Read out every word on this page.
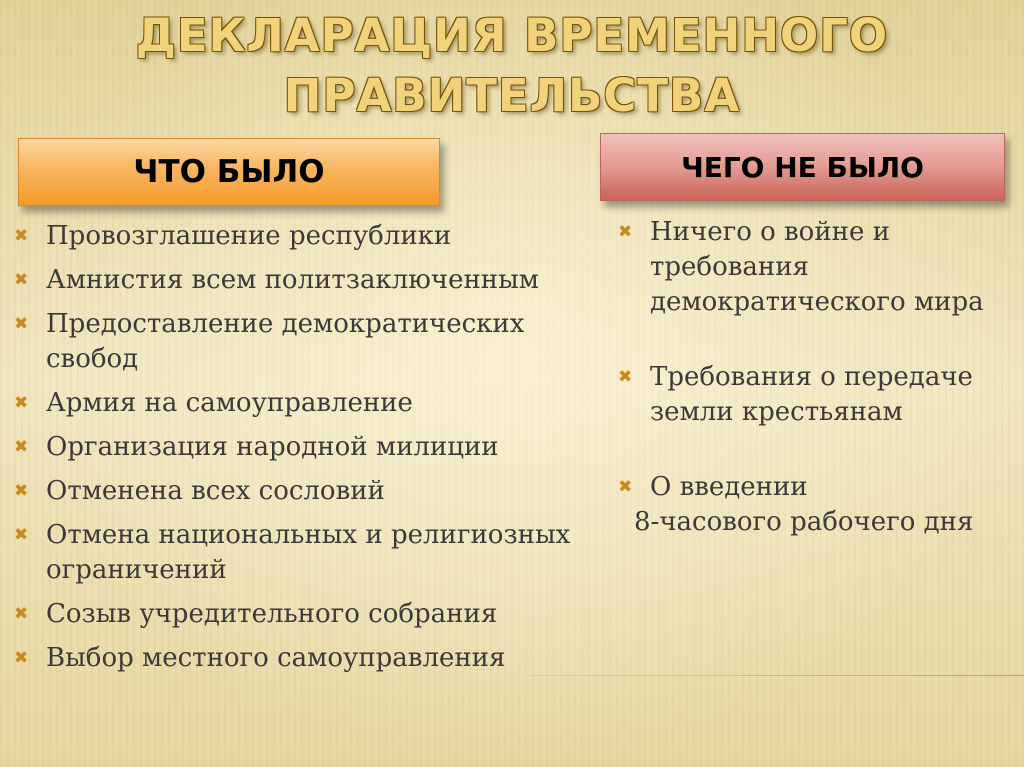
ДЕКЛАРАЦИЯ ВРЕМЕННОГО
ПРАВИТЕЛЬСТВА
ЧТО БЫЛО	ЧЕГО НЕ БЫЛО
✖ Провозглашение республики
✖ Амнистия всем политзаключенным
✖ Предоставление демократических свобод
✖ Армия на самоуправление
✖ Организация народной милиции
✖ Отменена всех сословий
✖ Отмена национальных и религиозных ограничений
✖ Созыв учредительного собрания
✖ Выбор местного самоуправления
✖ Ничего о войне и требования демократического мира
✖ Требования о передаче земли крестьянам
✖ О введении
8-часового рабочего дня
